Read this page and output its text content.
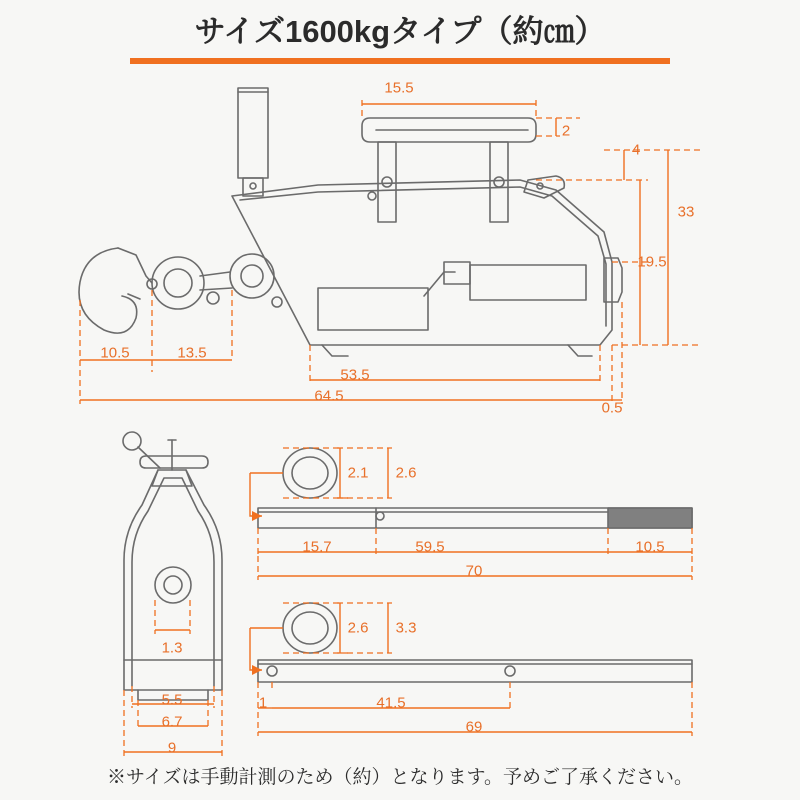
サイズ1600kgタイプ（約㎝）
15.5
2
4
33
19.5
10.5	13.5
53.5
64.5
0.5
2.1 2.6
15.7	59.5	10.5
70
2.6 3.3
1.3
1	41.5
5.5
6.7
9
69
※サイズは手動計測のため（約）となります。予めご了承ください。
